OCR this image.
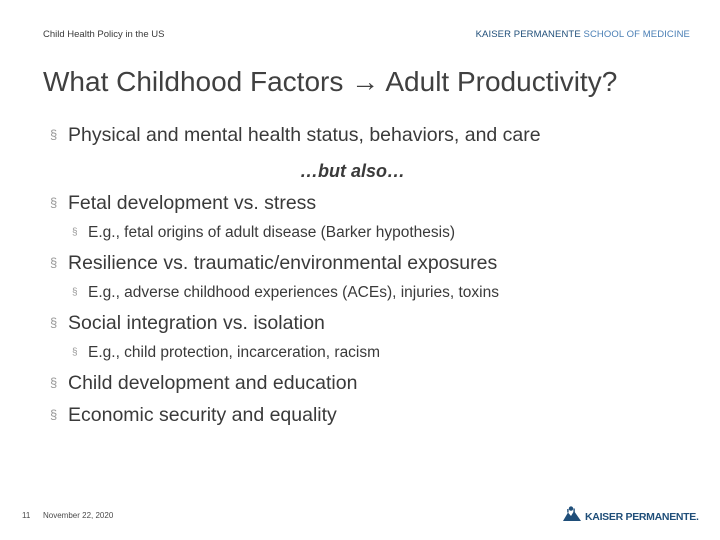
Child Health Policy in the US	KAISER PERMANENTE SCHOOL OF MEDICINE
What Childhood Factors → Adult Productivity?
§ Physical and mental health status, behaviors, and care
…but also…
§ Fetal development vs. stress
§ E.g., fetal origins of adult disease (Barker hypothesis)
§ Resilience vs. traumatic/environmental exposures
§ E.g., adverse childhood experiences (ACEs), injuries, toxins
§ Social integration vs. isolation
§ E.g., child protection, incarceration, racism
§ Child development and education
§ Economic security and equality
11 November 22, 2020	KAISER PERMANENTE.
